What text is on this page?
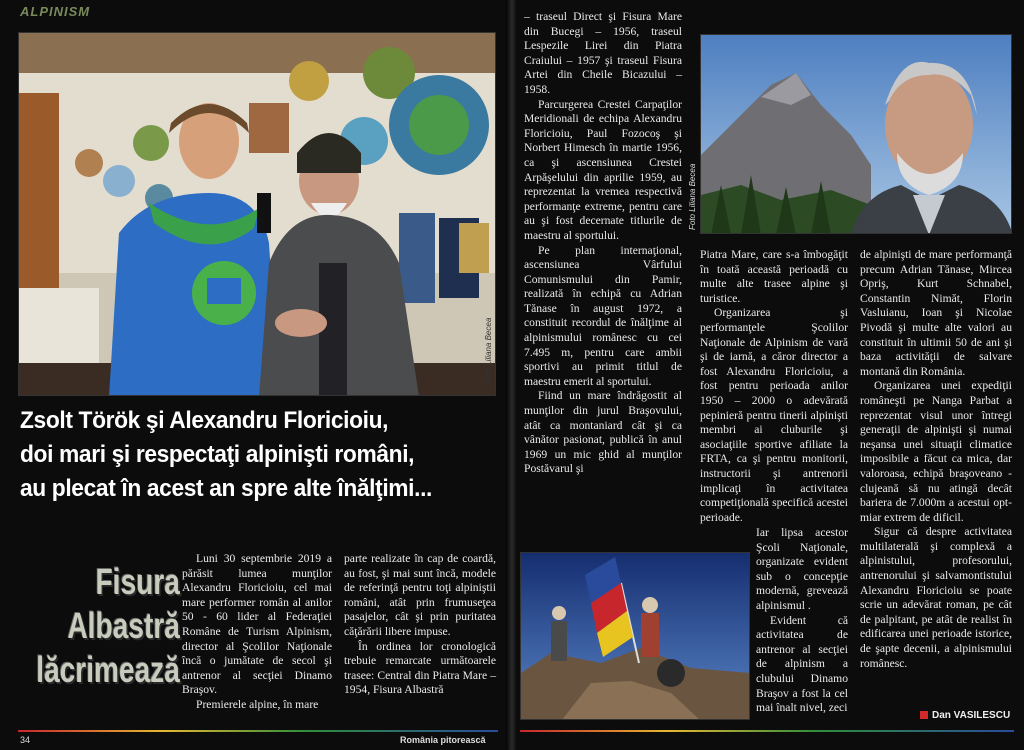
ALPINISM
Foto Liliana Becea
Zsolt Török şi Alexandru Floricioiu,
doi mari şi respectaţi alpinişti români,
au plecat în acest an spre alte înălţimi...
Fisura
Albastră
lăcrimează

Luni 30 septembrie 2019 a părăsit lumea munţilor Alexandru Floricioiu, cel mai mare performer român al anilor 50 - 60 lider al Federaţiei Române de Turism Alpinism, director al Şcolilor Naţionale încă o jumătate de secol şi antrenor al secţiei Dinamo Braşov.

Premierele alpine, în mare

parte realizate în cap de coardă, au fost, şi mai sunt încă, modele de referinţă pentru toţi alpiniştii români, atât prin frumuseţea pasajelor, cât şi prin puritatea căţărării libere impuse.

În ordinea lor cronologică trebuie remarcate următoarele trasee: Central din Piatra Mare – 1954, Fisura Albastră

34	România pitorească

– traseul Direct şi Fisura Mare din Bucegi – 1956, traseul Lespezile Lirei din Piatra Craiului – 1957 şi traseul Fisura Artei din Cheile Bicazului – 1958.

Parcurgerea Crestei Carpaţilor Meridionali de echipa Alexandru Floricioiu, Paul Fozocoş şi Norbert Himesch în martie 1956, ca şi ascensiunea Crestei Arpăşelului din aprilie 1959, au reprezentat la vremea respectivă performanţe extreme, pentru care au şi fost decernate titlurile de maestru al sportului.

Pe plan internaţional, ascensiunea Vârfului Comunismului din Pamir, realizată în echipă cu Adrian Tănase în august 1972, a constituit recordul de înălţime al alpinismului românesc cu cei 7.495 m, pentru care ambii sportivi au primit titlul de maestru emerit al sportului.

Fiind un mare îndrăgostit al munţilor din jurul Braşovului, atât ca montaniard cât şi ca vânător pasionat, publică în anul 1969 un mic ghid al munţilor Postăvarul şi

Foto Liliana Becea

Piatra Mare, care s-a îmbogăţit în toată această perioadă cu multe alte trasee alpine şi turistice.

Organizarea şi performanţele Şcolilor Naţionale de Alpinism de vară şi de iarnă, a căror director a fost Alexandru Floricioiu, a fost pentru perioada anilor 1950 – 2000 o adevărată pepinieră pentru tinerii alpinişti membri ai cluburile şi asociaţiile sportive afiliate la FRTA, ca şi pentru monitorii, instructorii şi antrenorii implicaţi în activitatea competiţională specifică acestei perioade.

Iar lipsa acestor Şcoli Naţionale, organizate evident sub o concepţie modernă, grevează alpinismul .

Evident că activitatea de antrenor al secţiei de alpinism a clubului Dinamo Braşov a fost la cel mai înalt nivel, zeci

de alpinişti de mare performanţă precum Adrian Tănase, Mircea Opriş, Kurt Schnabel, Constantin Nimăt, Florin Vasluianu, Ioan şi Nicolae Pivodă şi multe alte valori au constituit în ultimii 50 de ani şi baza activităţii de salvare montană din România.

Organizarea unei expediţii româneşti pe Nanga Parbat a reprezentat visul unor întregi generaţii de alpinişti şi numai neşansa unei situaţii climatice imposibile a făcut ca mica, dar valoroasa, echipă braşoveano - clujeană să nu atingă decât bariera de 7.000m a acestui opt-miar extrem de dificil.

Sigur că despre activitatea multilaterală şi complexă a alpinistului, profesorului, antrenorului şi salvamontistului Alexandru Floricioiu se poate scrie un adevărat roman, pe cât de palpitant, pe atât de realist în edificarea unei perioade istorice, de şapte decenii, a alpinismului românesc.

Dan VASILESCU
